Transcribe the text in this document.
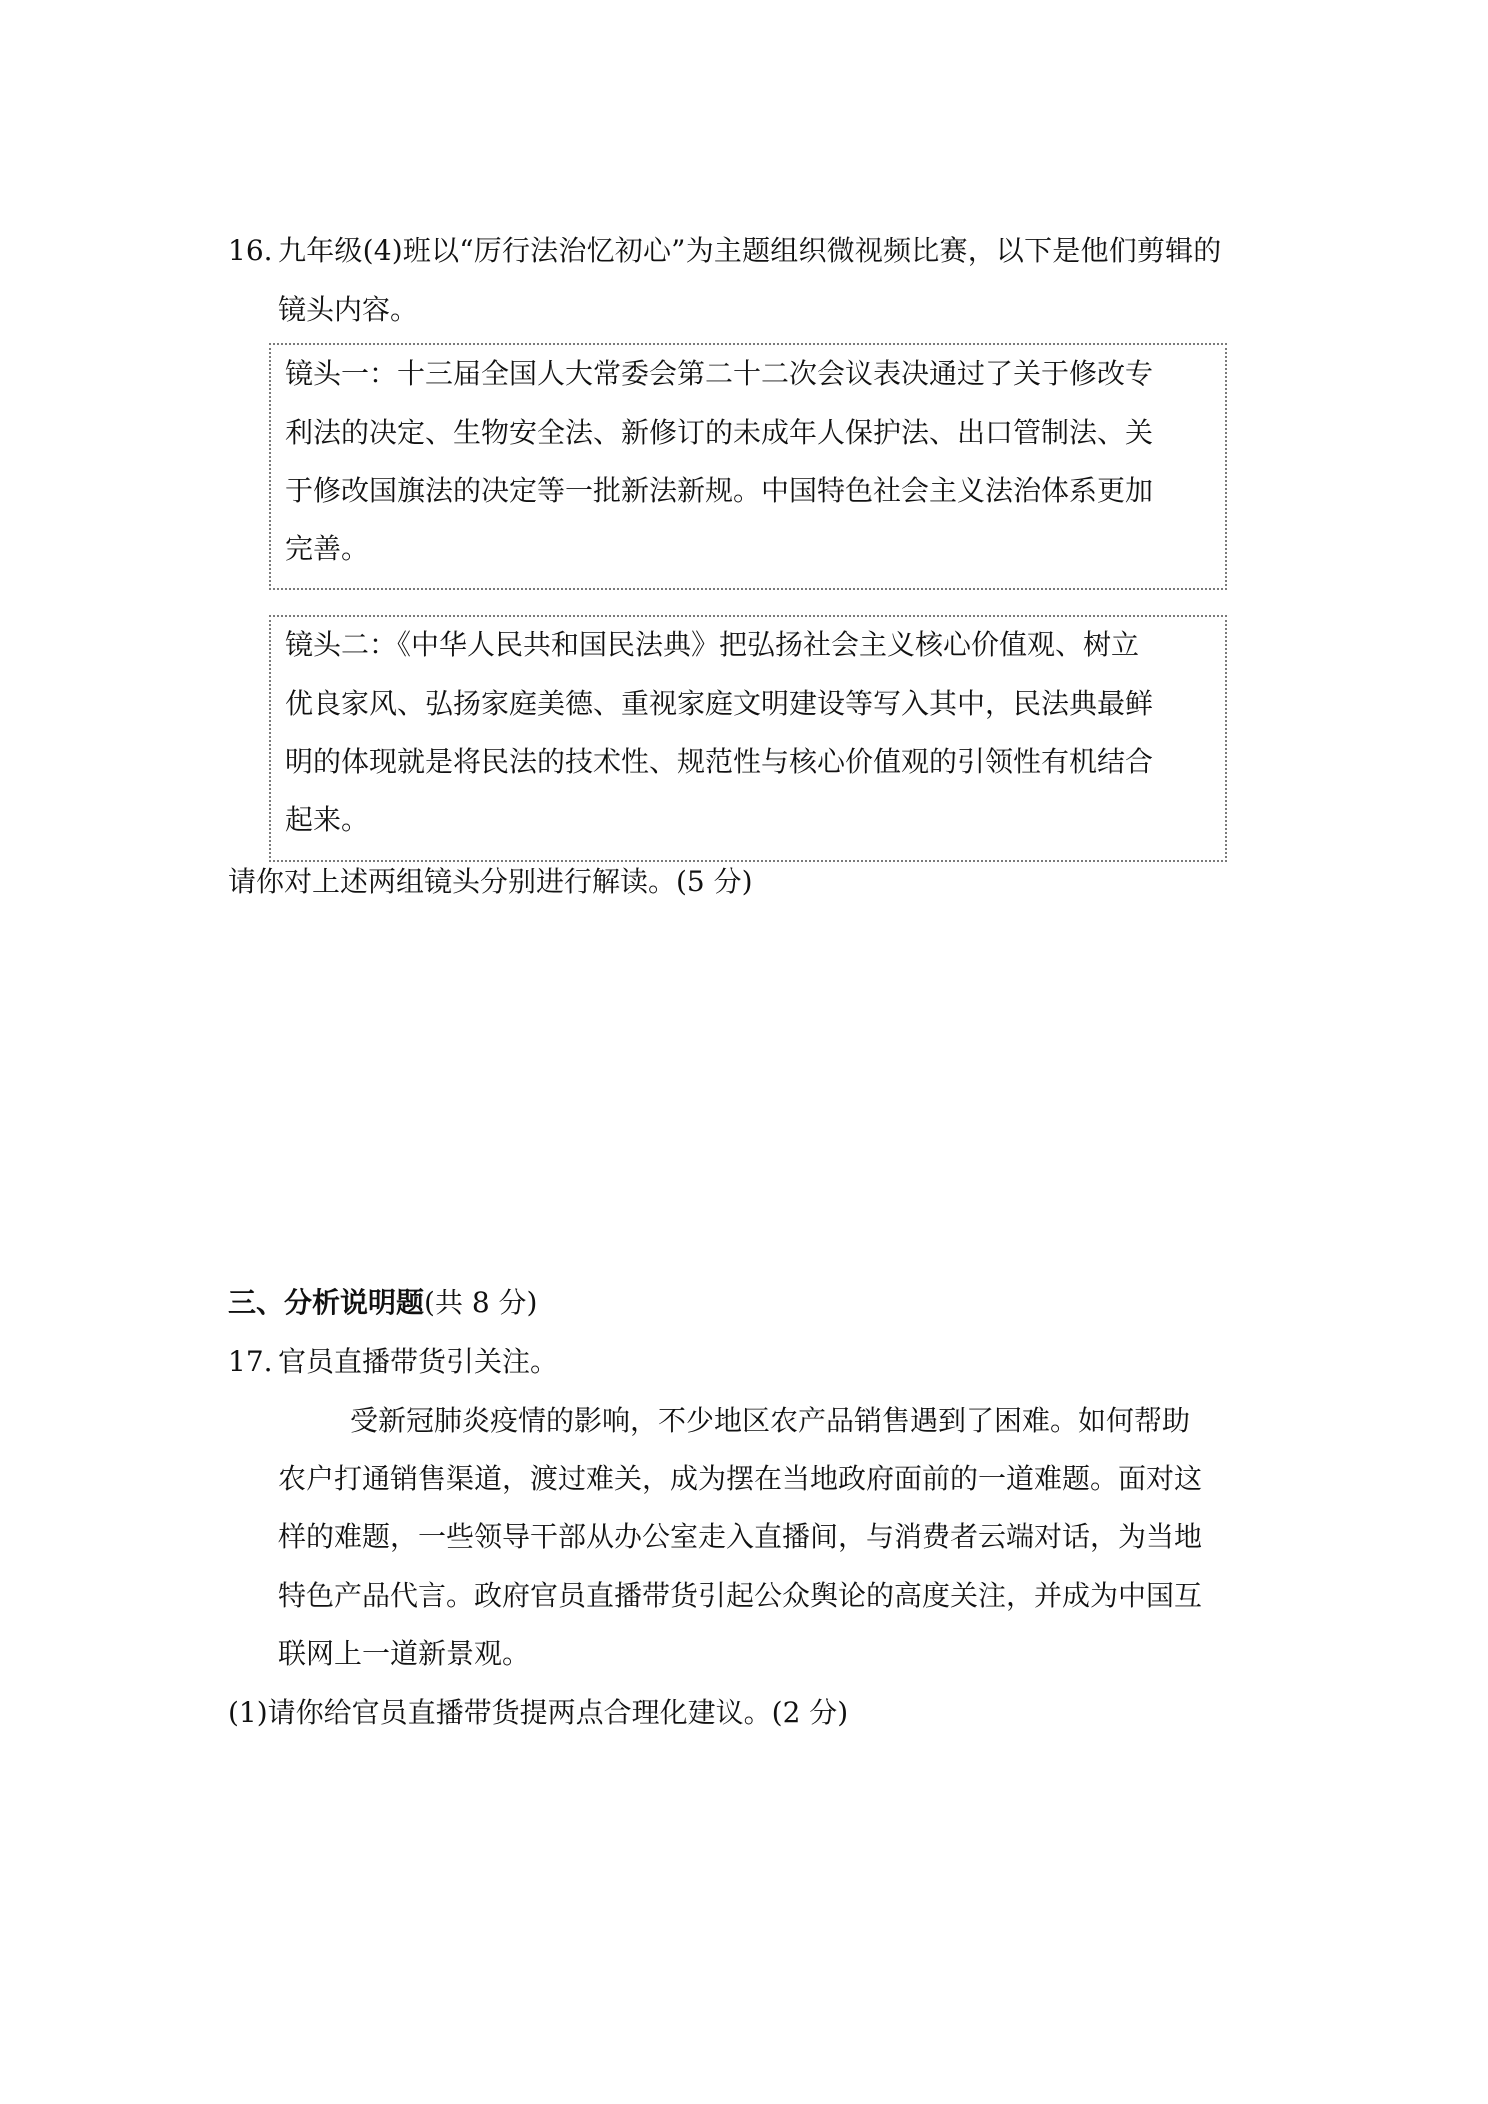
16. 九年级(4)班以“厉行法治忆初心”为主题组织微视频比赛，以下是他们剪辑的
镜头内容。
镜头一：十三届全国人大常委会第二十二次会议表决通过了关于修改专
利法的决定、生物安全法、新修订的未成年人保护法、出口管制法、关
于修改国旗法的决定等一批新法新规。中国特色社会主义法治体系更加
完善。
镜头二：《中华人民共和国民法典》把弘扬社会主义核心价值观、树立
优良家风、弘扬家庭美德、重视家庭文明建设等写入其中，民法典最鲜
明的体现就是将民法的技术性、规范性与核心价值观的引领性有机结合
起来。
请你对上述两组镜头分别进行解读。(5 分)
三、分析说明题(共 8 分)
17. 官员直播带货引关注。
受新冠肺炎疫情的影响，不少地区农产品销售遇到了困难。如何帮助
农户打通销售渠道，渡过难关，成为摆在当地政府面前的一道难题。面对这
样的难题，一些领导干部从办公室走入直播间，与消费者云端对话，为当地
特色产品代言。政府官员直播带货引起公众舆论的高度关注，并成为中国互
联网上一道新景观。
(1)请你给官员直播带货提两点合理化建议。(2 分)
